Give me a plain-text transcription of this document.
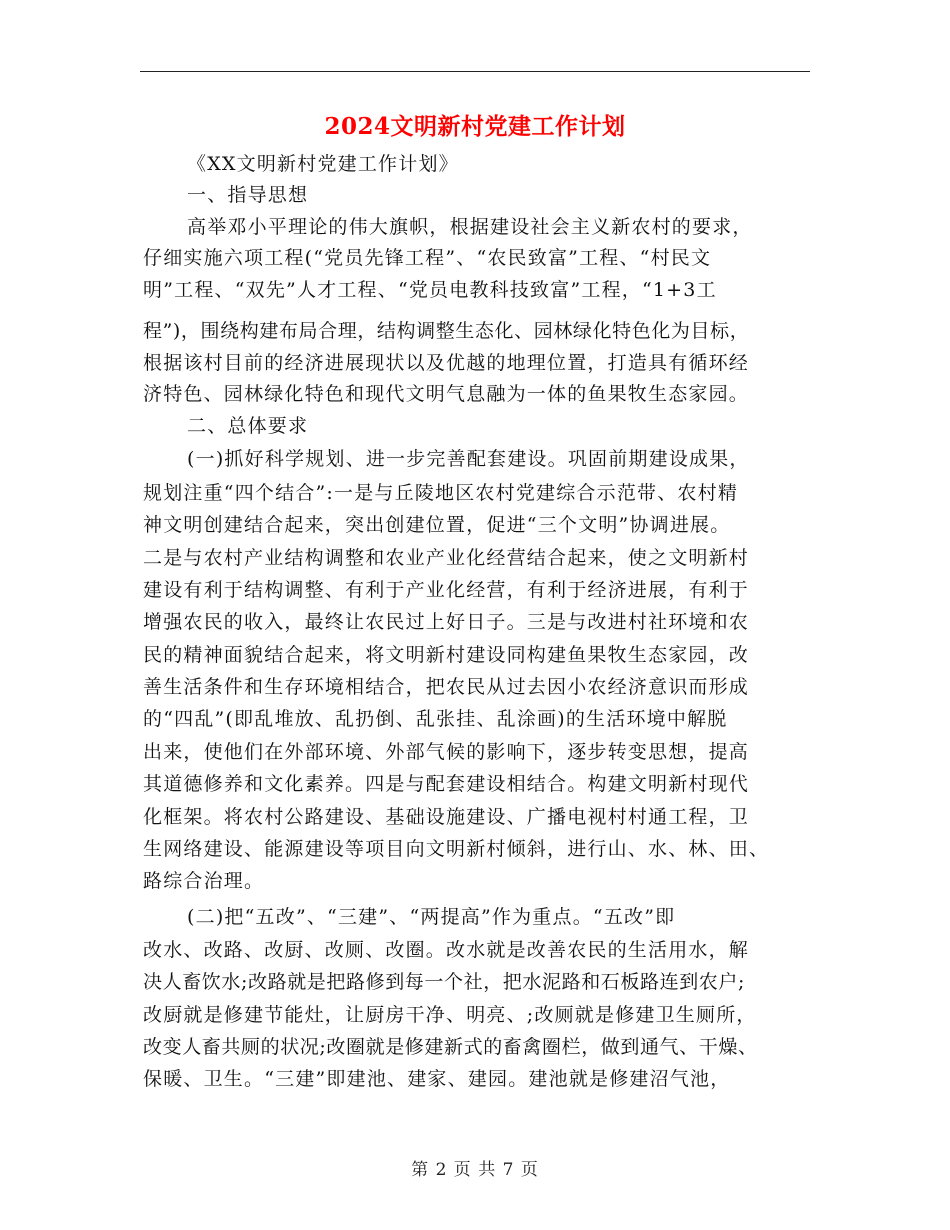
2024文明新村党建工作计划
《XX文明新村党建工作计划》
一、指导思想
高举邓小平理论的伟大旗帜，根据建设社会主义新农村的要求，
仔细实施六项工程(“党员先锋工程”、“农民致富”工程、“村民文
明”工程、“双先”人才工程、“党员电教科技致富”工程，“1+3工
程”)，围绕构建布局合理，结构调整生态化、园林绿化特色化为目标，
根据该村目前的经济进展现状以及优越的地理位置，打造具有循环经
济特色、园林绿化特色和现代文明气息融为一体的鱼果牧生态家园。
二、总体要求
(一)抓好科学规划、进一步完善配套建设。巩固前期建设成果，
规划注重“四个结合”:一是与丘陵地区农村党建综合示范带、农村精
神文明创建结合起来，突出创建位置，促进“三个文明”协调进展。
二是与农村产业结构调整和农业产业化经营结合起来，使之文明新村
建设有利于结构调整、有利于产业化经营，有利于经济进展，有利于
增强农民的收入，最终让农民过上好日子。三是与改进村社环境和农
民的精神面貌结合起来，将文明新村建设同构建鱼果牧生态家园，改
善生活条件和生存环境相结合，把农民从过去因小农经济意识而形成
的“四乱”(即乱堆放、乱扔倒、乱张挂、乱涂画)的生活环境中解脱
出来，使他们在外部环境、外部气候的影响下，逐步转变思想，提高
其道德修养和文化素养。四是与配套建设相结合。构建文明新村现代
化框架。将农村公路建设、基础设施建设、广播电视村村通工程，卫
生网络建设、能源建设等项目向文明新村倾斜，进行山、水、林、田、
路综合治理。
(二)把“五改”、“三建”、“两提高”作为重点。“五改”即
改水、改路、改厨、改厕、改圈。改水就是改善农民的生活用水，解
决人畜饮水;改路就是把路修到每一个社，把水泥路和石板路连到农户;
改厨就是修建节能灶，让厨房干净、明亮、;改厕就是修建卫生厕所，
改变人畜共厕的状况;改圈就是修建新式的畜禽圈栏，做到通气、干燥、
保暖、卫生。“三建”即建池、建家、建园。建池就是修建沼气池，
第 2 页 共 7 页
